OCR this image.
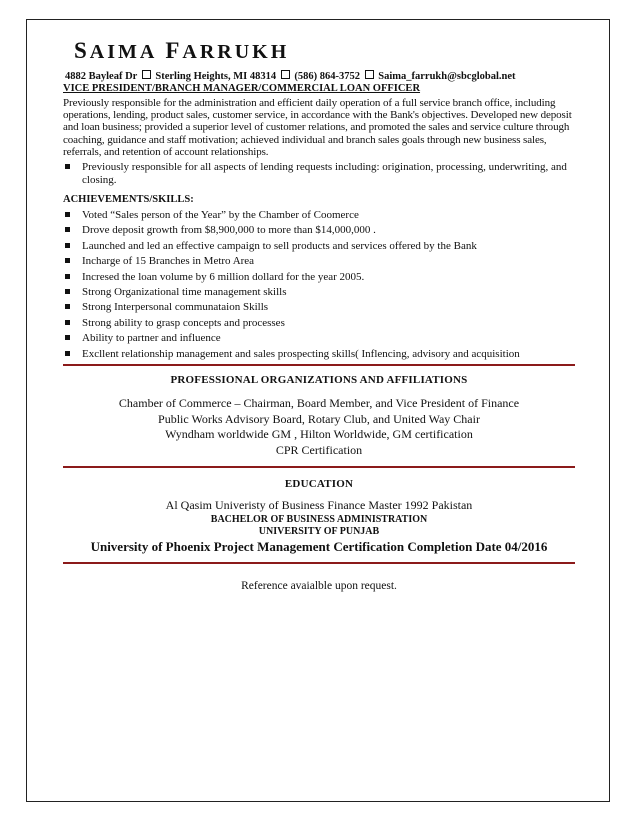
SAIMA FARRUKH
4882 Bayleaf Dr Sterling Heights, MI 48314 (586) 864-3752 Saima_farrukh@sbcglobal.net
VICE PRESIDENT/BRANCH MANAGER/COMMERCIAL LOAN OFFICER
Previously responsible for the administration and efficient daily operation of a full service branch office, including operations, lending, product sales, customer service, in accordance with the Bank's objectives. Developed new deposit and loan business; provided a superior level of customer relations, and promoted the sales and service culture through coaching, guidance and staff motivation; achieved individual and branch sales goals through new business sales, referrals, and retention of account relationships.
Previously responsible for all aspects of lending requests including: origination, processing, underwriting, and closing.
ACHIEVEMENTS/SKILLS:
Voted “Sales person of the Year” by the Chamber of Coomerce
Drove deposit growth from $8,900,000 to more than $14,000,000 .
Launched and led an effective campaign to sell products and services offered by the Bank
Incharge of 15 Branches in Metro Area
Incresed the loan volume by 6 million dollard for the year 2005.
Strong Organizational time management skills
Strong Interpersonal communataion Skills
Strong ability to grasp concepts and processes
Ability to partner and influence
Excllent relationship management and sales prospecting skills( Inflencing, advisory and acquisition
PROFESSIONAL ORGANIZATIONS AND AFFILIATIONS
Chamber of Commerce – Chairman, Board Member, and Vice President of Finance
Public Works Advisory Board, Rotary Club, and United Way Chair
Wyndham worldwide GM , Hilton Worldwide, GM certification
CPR Certification
EDUCATION
Al Qasim Univeristy of Business Finance Master 1992 Pakistan
BACHELOR OF BUSINESS ADMINISTRATION
UNIVERSITY OF PUNJAB
University of Phoenix Project Management Certification Completion Date 04/2016
Reference avaialble upon request.
